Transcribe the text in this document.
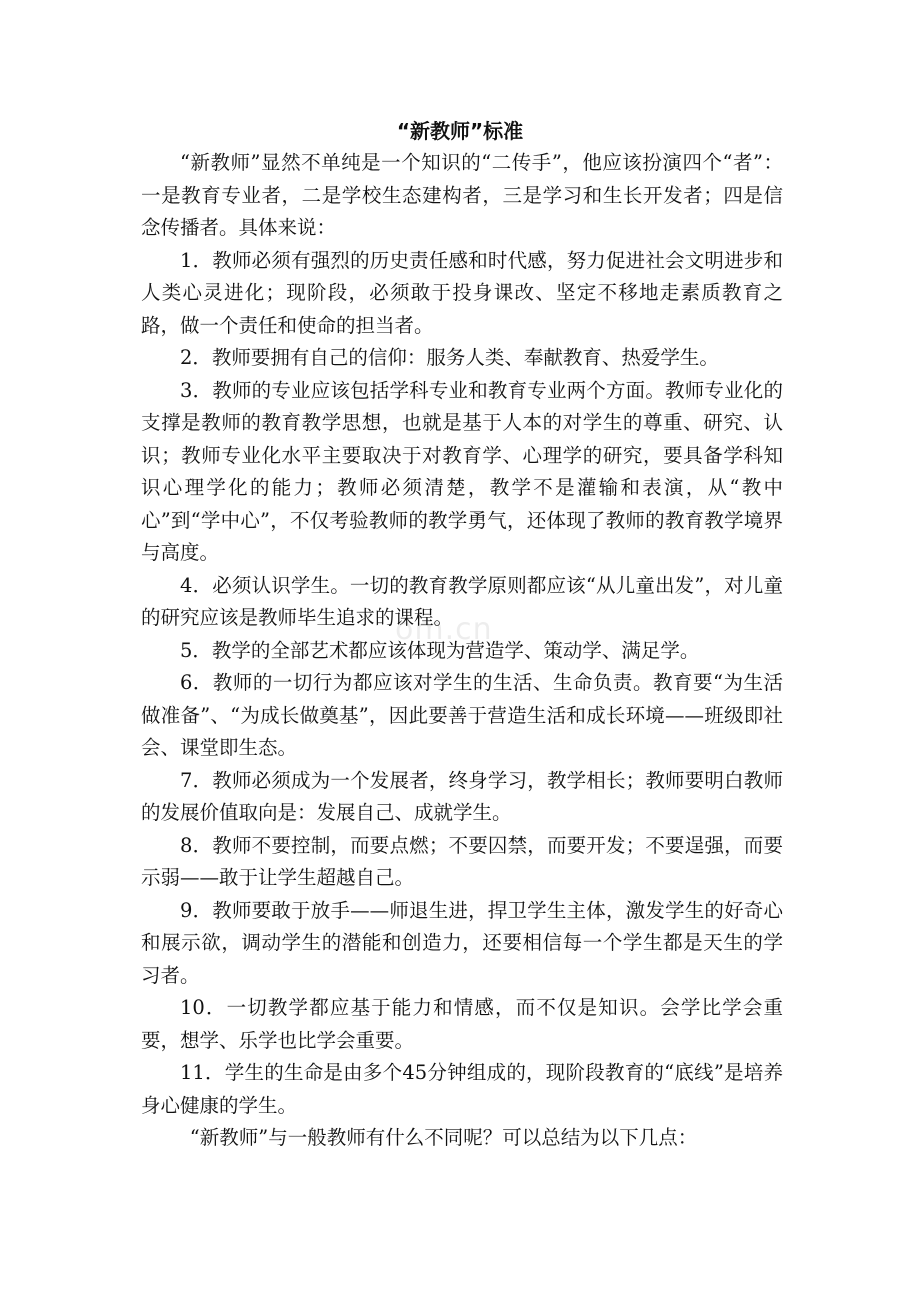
om.cn
“新教师”标准

“新教师”显然不单纯是一个知识的“二传手”，他应该扮演四个“者”：一是教育专业者，二是学校生态建构者，三是学习和生长开发者；四是信念传播者。具体来说：

1．教师必须有强烈的历史责任感和时代感，努力促进社会文明进步和人类心灵进化；现阶段，必须敢于投身课改、坚定不移地走素质教育之路，做一个责任和使命的担当者。

2．教师要拥有自己的信仰：服务人类、奉献教育、热爱学生。

3．教师的专业应该包括学科专业和教育专业两个方面。教师专业化的支撑是教师的教育教学思想，也就是基于人本的对学生的尊重、研究、认识；教师专业化水平主要取决于对教育学、心理学的研究，要具备学科知识心理学化的能力；教师必须清楚，教学不是灌输和表演，从“教中心”到“学中心”，不仅考验教师的教学勇气，还体现了教师的教育教学境界与高度。

4．必须认识学生。一切的教育教学原则都应该“从儿童出发”，对儿童的研究应该是教师毕生追求的课程。

5．教学的全部艺术都应该体现为营造学、策动学、满足学。

6．教师的一切行为都应该对学生的生活、生命负责。教育要“为生活做准备”、“为成长做奠基”，因此要善于营造生活和成长环境——班级即社会、课堂即生态。

7．教师必须成为一个发展者，终身学习，教学相长；教师要明白教师的发展价值取向是：发展自己、成就学生。

8．教师不要控制，而要点燃；不要囚禁，而要开发；不要逞强，而要示弱——敢于让学生超越自己。

9．教师要敢于放手——师退生进，捍卫学生主体，激发学生的好奇心和展示欲，调动学生的潜能和创造力，还要相信每一个学生都是天生的学习者。

10．一切教学都应基于能力和情感，而不仅是知识。会学比学会重要，想学、乐学也比学会重要。

11．学生的生命是由多个45分钟组成的，现阶段教育的“底线”是培养身心健康的学生。

“新教师”与一般教师有什么不同呢？可以总结为以下几点：
